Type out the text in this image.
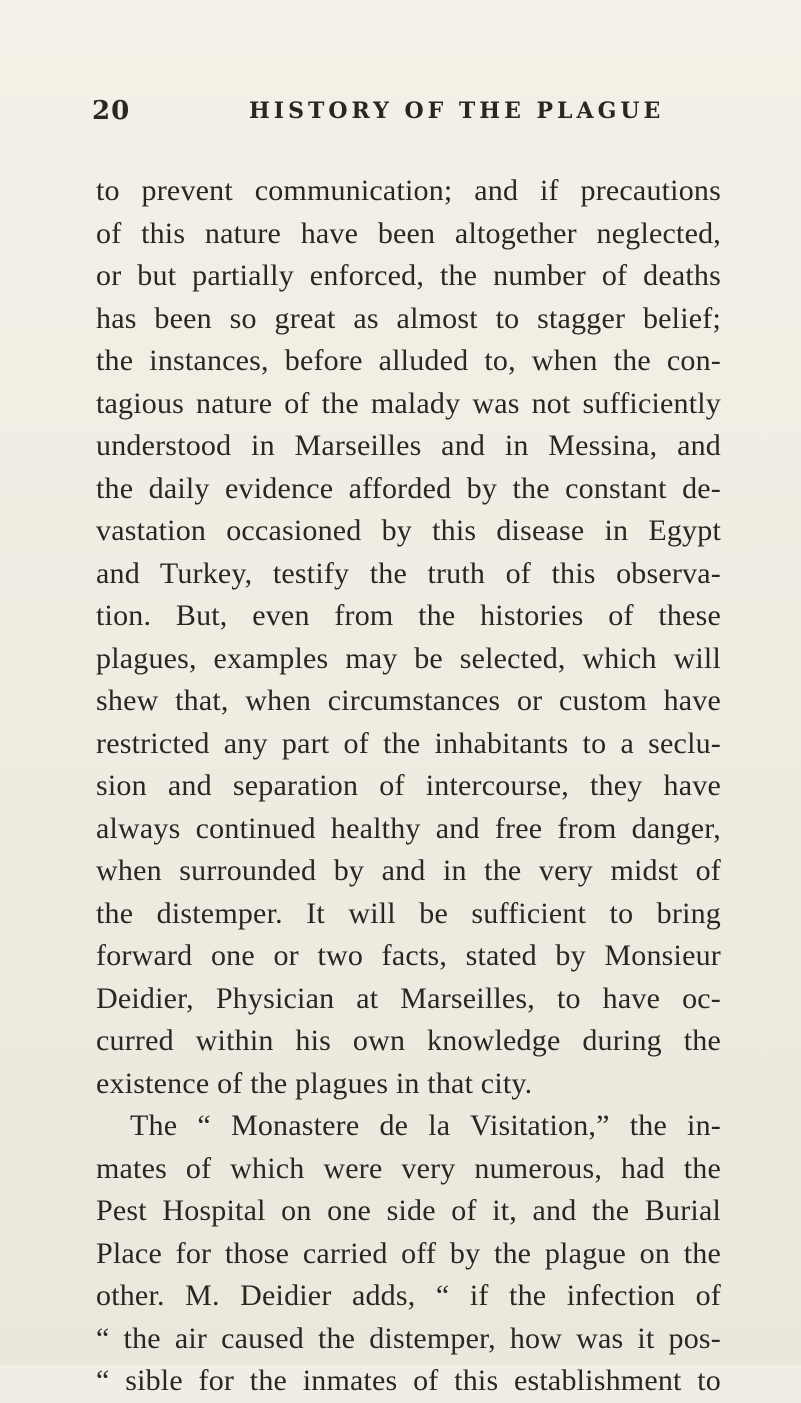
20	HISTORY OF THE PLAGUE
to prevent communication; and if precautions
of this nature have been altogether neglected,
or but partially enforced, the number of deaths
has been so great as almost to stagger belief;
the instances, before alluded to, when the con-
tagious nature of the malady was not sufficiently
understood in Marseilles and in Messina, and
the daily evidence afforded by the constant de-
vastation occasioned by this disease in Egypt
and Turkey, testify the truth of this observa-
tion. But, even from the histories of these
plagues, examples may be selected, which will
shew that, when circumstances or custom have
restricted any part of the inhabitants to a seclu-
sion and separation of intercourse, they have
always continued healthy and free from danger,
when surrounded by and in the very midst of
the distemper. It will be sufficient to bring
forward one or two facts, stated by Monsieur
Deidier, Physician at Marseilles, to have oc-
curred within his own knowledge during the
existence of the plagues in that city.
The “ Monastere de la Visitation,” the in-
mates of which were very numerous, had the
Pest Hospital on one side of it, and the Burial
Place for those carried off by the plague on the
other. M. Deidier adds, “ if the infection of
“ the air caused the distemper, how was it pos-
“ sible for the inmates of this establishment to
